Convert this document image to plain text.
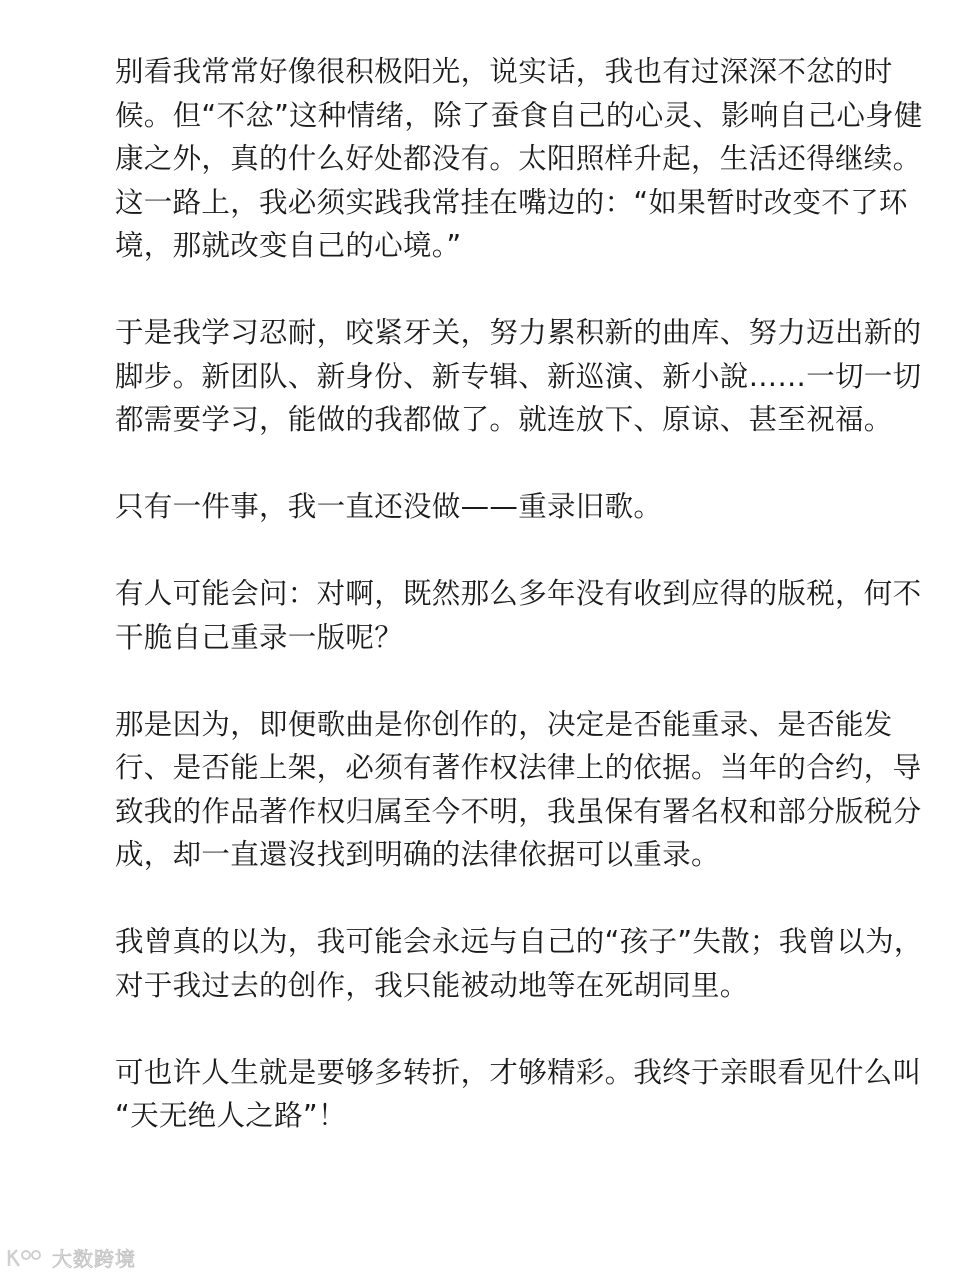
别看我常常好像很积极阳光，说实话，我也有过深深不忿的时
候。但“不忿”这种情绪，除了蚕食自己的心灵、影响自己心身健
康之外，真的什么好处都没有。太阳照样升起，生活还得继续。
这一路上，我必须实践我常挂在嘴边的：“如果暂时改变不了环
境，那就改变自己的心境。”
于是我学习忍耐，咬紧牙关，努力累积新的曲库、努力迈出新的
脚步。新团队、新身份、新专辑、新巡演、新小說……一切一切
都需要学习，能做的我都做了。就连放下、原谅、甚至祝福。
只有一件事，我一直还没做——重录旧歌。
有人可能会问：对啊，既然那么多年没有收到应得的版税，何不
干脆自己重录一版呢？
那是因为，即便歌曲是你创作的，决定是否能重录、是否能发
行、是否能上架，必须有著作权法律上的依据。当年的合约，导
致我的作品著作权归属至今不明，我虽保有署名权和部分版税分
成，却一直還沒找到明确的法律依据可以重录。
我曾真的以为，我可能会永远与自己的“孩子”失散；我曾以为，
对于我过去的创作，我只能被动地等在死胡同里。
可也许人生就是要够多转折，才够精彩。我终于亲眼看见什么叫
“天无绝人之路”！
大数跨境
